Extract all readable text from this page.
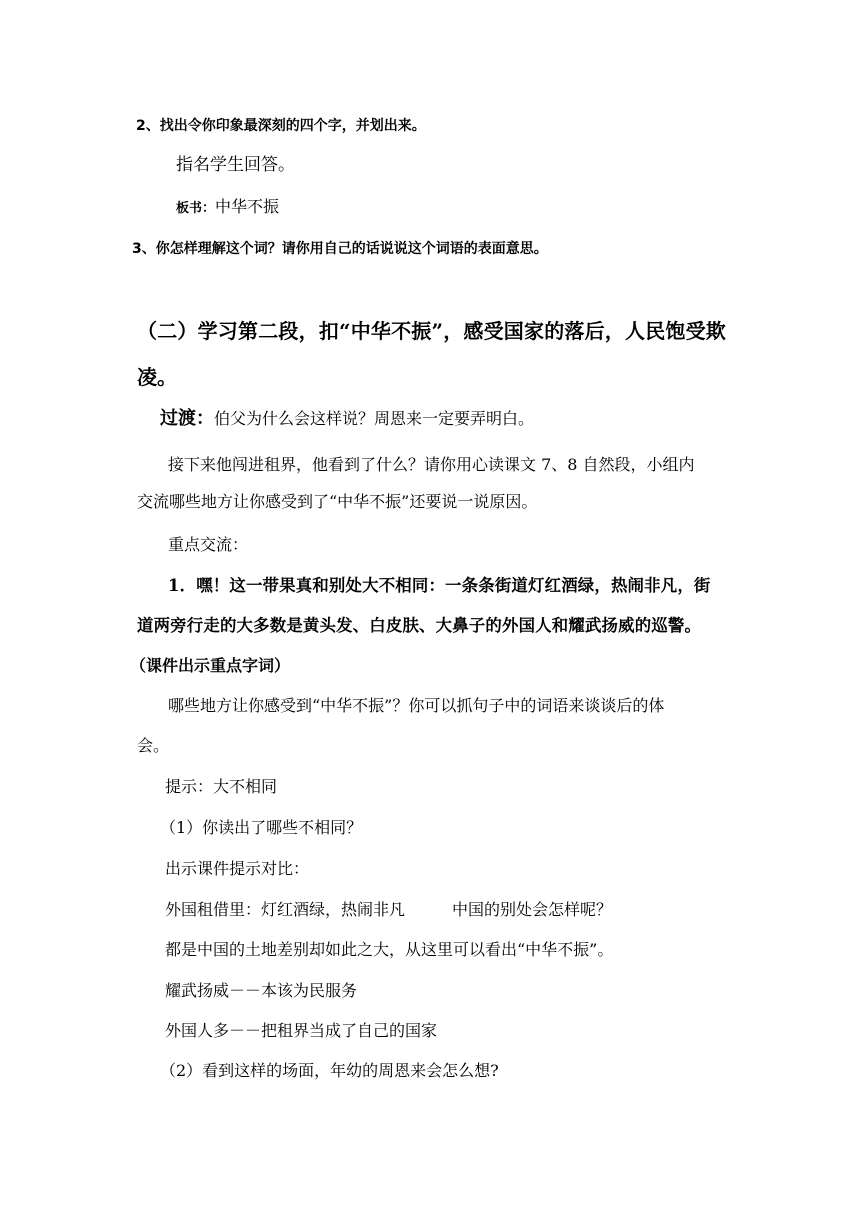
2、找出令你印象最深刻的四个字，并划出来。
指名学生回答。
板书：中华不振
3、你怎样理解这个词？请你用自己的话说说这个词语的表面意思。
（二）学习第二段，扣“中华不振”，感受国家的落后，人民饱受欺
凌。
过渡：伯父为什么会这样说？周恩来一定要弄明白。
接下来他闯进租界，他看到了什么？请你用心读课文 7、8 自然段，小组内
交流哪些地方让你感受到了“中华不振”还要说一说原因。
重点交流：
1．嘿！这一带果真和别处大不相同：一条条街道灯红酒绿，热闹非凡，街
道两旁行走的大多数是黄头发、白皮肤、大鼻子的外国人和耀武扬威的巡警。
（课件出示重点字词）
哪些地方让你感受到“中华不振”？你可以抓句子中的词语来谈谈后的体
会。
提示：大不相同
（1）你读出了哪些不相同？
出示课件提示对比：
外国租借里：灯红酒绿，热闹非凡	中国的别处会怎样呢？
都是中国的土地差别却如此之大，从这里可以看出“中华不振”。
耀武扬威－－本该为民服务
外国人多－－把租界当成了自己的国家
（2）看到这样的场面，年幼的周恩来会怎么想?
